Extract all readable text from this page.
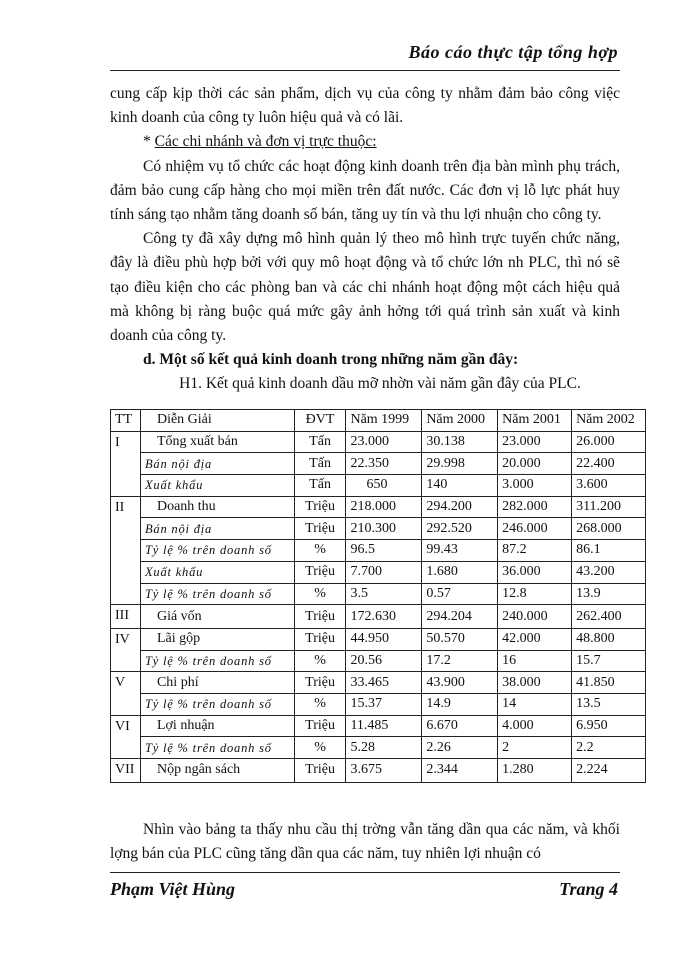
Báo cáo thực tập tổng hợp

cung cấp kịp thời các sản phẩm, dịch vụ của công ty nhằm đảm bảo công việc kinh doanh của công ty luôn hiệu quả và có lãi.

* Các chi nhánh và đơn vị trực thuộc:

Có nhiệm vụ tổ chức các hoạt động kinh doanh trên địa bàn mình phụ trách, đảm bảo cung cấp hàng cho mọi miền trên đất nước. Các đơn vị lỗ lực phát huy tính sáng tạo nhằm tăng doanh số bán, tăng uy tín và thu lợi nhuận cho công ty.

Công ty đã xây dựng mô hình quản lý theo mô hình trực tuyến chức năng, đây là điều phù hợp bởi với quy mô hoạt động và tổ chức lớn nh PLC, thì nó sẽ tạo điều kiện cho các phòng ban và các chi nhánh hoạt động một cách hiệu quả mà không bị ràng buộc quá mức gây ảnh hởng tới quá trình sản xuất và kinh doanh của công ty.

d. Một số kết quả kinh doanh trong những năm gần đây:

H1. Kết quả kinh doanh dầu mỡ nhờn vài năm gần đây của PLC.

TT	Diễn Giải	ĐVT	Năm 1999	Năm 2000	Năm 2001	Năm 2002
I	Tổng xuất bán	Tấn	23.000	30.138	23.000	26.000
	Bán nội địa	Tấn	22.350	29.998	20.000	22.400
	Xuất khẩu	Tấn	650	140	3.000	3.600
II	Doanh thu	Triệu	218.000	294.200	282.000	311.200
	Bán nội địa	Triệu	210.300	292.520	246.000	268.000
	Tỷ lệ % trên doanh số	%	96.5	99.43	87.2	86.1
	Xuất khẩu	Triệu	7.700	1.680	36.000	43.200
	Tỷ lệ % trên doanh số	%	3.5	0.57	12.8	13.9
III	Giá vốn	Triệu	172.630	294.204	240.000	262.400
IV	Lãi gộp	Triệu	44.950	50.570	42.000	48.800
	Tỷ lệ % trên doanh số	%	20.56	17.2	16	15.7
V	Chi phí	Triệu	33.465	43.900	38.000	41.850
	Tỷ lệ % trên doanh số	%	15.37	14.9	14	13.5
VI	Lợi nhuận	Triệu	11.485	6.670	4.000	6.950
	Tỷ lệ % trên doanh số	%	5.28	2.26	2	2.2
VII	Nộp ngân sách	Triệu	3.675	2.344	1.280	2.224

Nhìn vào bảng ta thấy nhu cầu thị trờng vẫn tăng dần qua các năm, và khối lợng bán của PLC cũng tăng dần qua các năm, tuy nhiên lợi nhuận có

Phạm Việt Hùng	Trang 4
